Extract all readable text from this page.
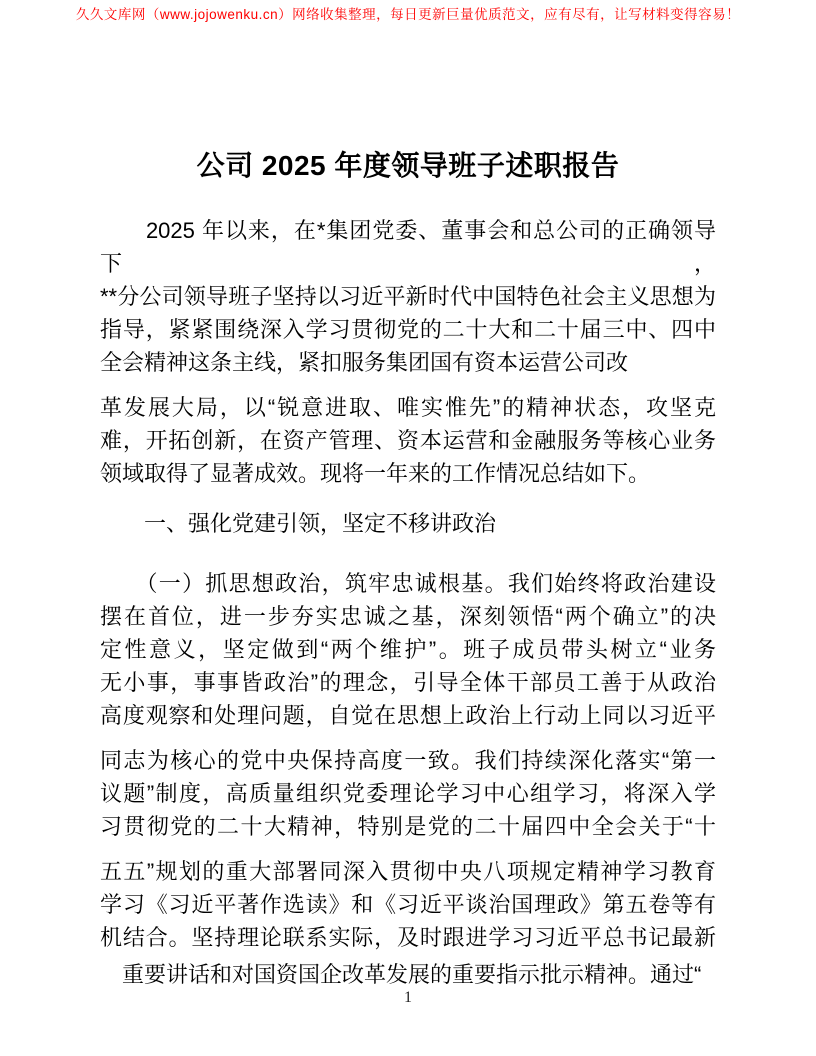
久久文库网（www.jojowenku.cn）网络收集整理，每日更新巨量优质范文，应有尽有，让写材料变得容易！
公司 2025 年度领导班子述职报告
　　2025 年以来，在*集团党委、董事会和总公司的正确领导下，
**分公司领导班子坚持以习近平新时代中国特色社会主义思想为
指导，紧紧围绕深入学习贯彻党的二十大和二十届三中、四中
全会精神这条主线，紧扣服务集团国有资本运营公司改
革发展大局，以“锐意进取、唯实惟先”的精神状态，攻坚克
难，开拓创新，在资产管理、资本运营和金融服务等核心业务
领域取得了显著成效。现将一年来的工作情况总结如下。
　　一、强化党建引领，坚定不移讲政治
　　（一）抓思想政治，筑牢忠诚根基。我们始终将政治建设
摆在首位，进一步夯实忠诚之基，深刻领悟“两个确立”的决
定性意义，坚定做到“两个维护”。班子成员带头树立“业务
无小事，事事皆政治”的理念，引导全体干部员工善于从政治
高度观察和处理问题，自觉在思想上政治上行动上同以习近平
同志为核心的党中央保持高度一致。我们持续深化落实“第一
议题”制度，高质量组织党委理论学习中心组学习，将深入学
习贯彻党的二十大精神，特别是党的二十届四中全会关于“十
五五”规划的重大部署同深入贯彻中央八项规定精神学习教育
学习《习近平著作选读》和《习近平谈治国理政》第五卷等有
机结合。坚持理论联系实际，及时跟进学习习近平总书记最新
　重要讲话和对国资国企改革发展的重要指示批示精神。通过“
1
